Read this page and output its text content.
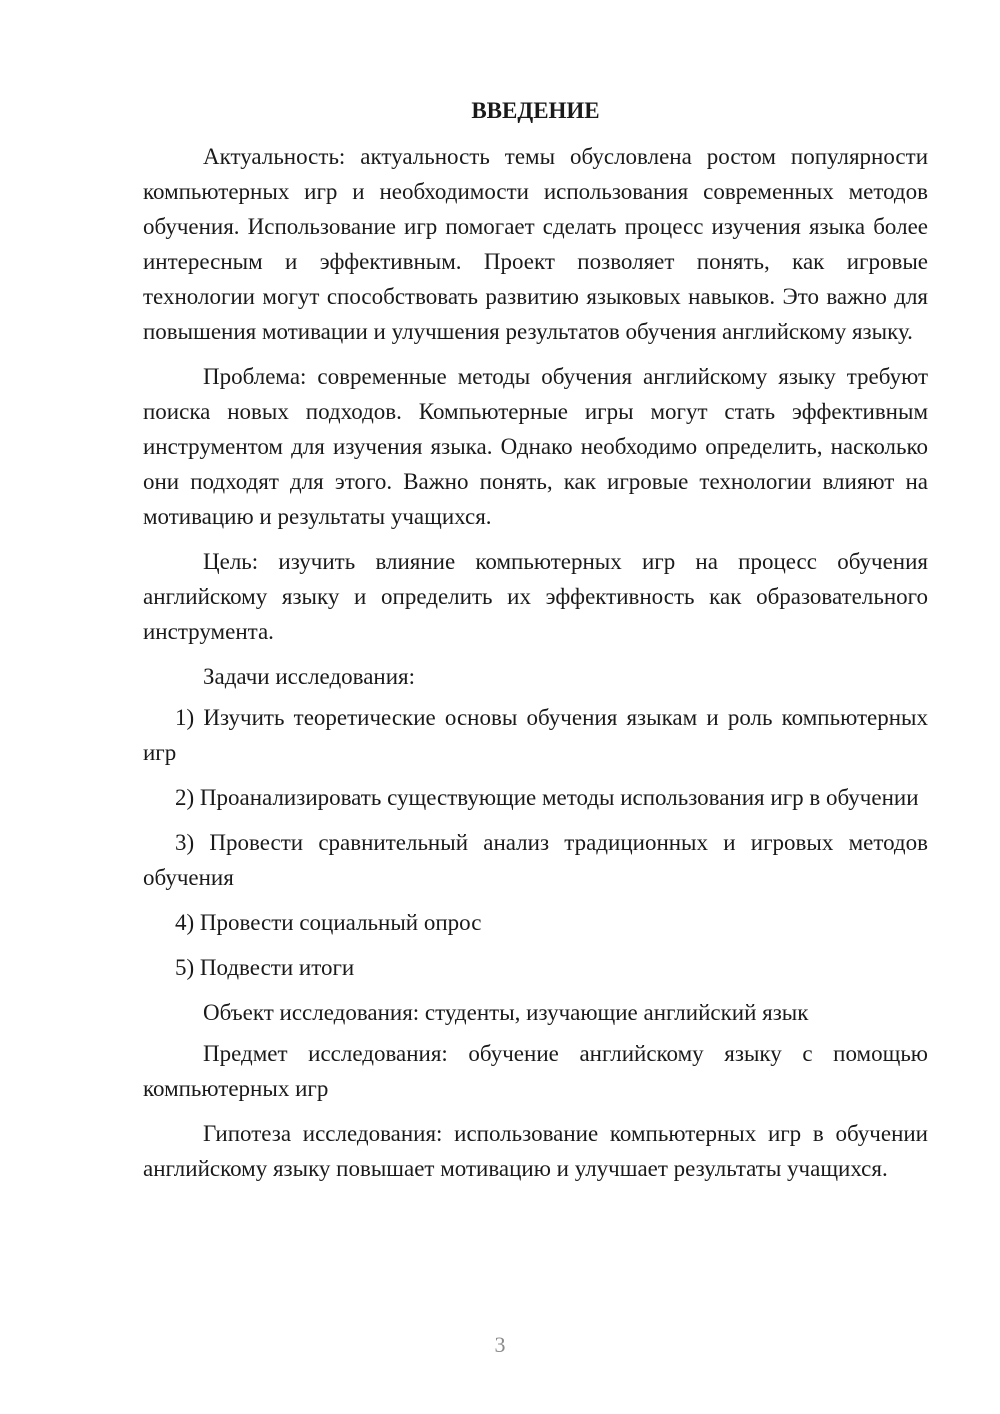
ВВЕДЕНИЕ

Актуальность: актуальность темы обусловлена ростом популярности компьютерных игр и необходимости использования современных методов обучения. Использование игр помогает сделать процесс изучения языка более интересным и эффективным. Проект позволяет понять, как игровые технологии могут способствовать развитию языковых навыков. Это важно для повышения мотивации и улучшения результатов обучения английскому языку.

Проблема: современные методы обучения английскому языку требуют поиска новых подходов. Компьютерные игры могут стать эффективным инструментом для изучения языка. Однако необходимо определить, насколько они подходят для этого. Важно понять, как игровые технологии влияют на мотивацию и результаты учащихся.

Цель: изучить влияние компьютерных игр на процесс обучения английскому языку и определить их эффективность как образовательного инструмента.

Задачи исследования:

1) Изучить теоретические основы обучения языкам и роль компьютерных игр

2) Проанализировать существующие методы использования игр в обучении

3) Провести сравнительный анализ традиционных и игровых методов обучения

4) Провести социальный опрос

5) Подвести итоги

Объект исследования: студенты, изучающие английский язык

Предмет исследования: обучение английскому языку с помощью компьютерных игр

Гипотеза исследования: использование компьютерных игр в обучении английскому языку повышает мотивацию и улучшает результаты учащихся.

3
